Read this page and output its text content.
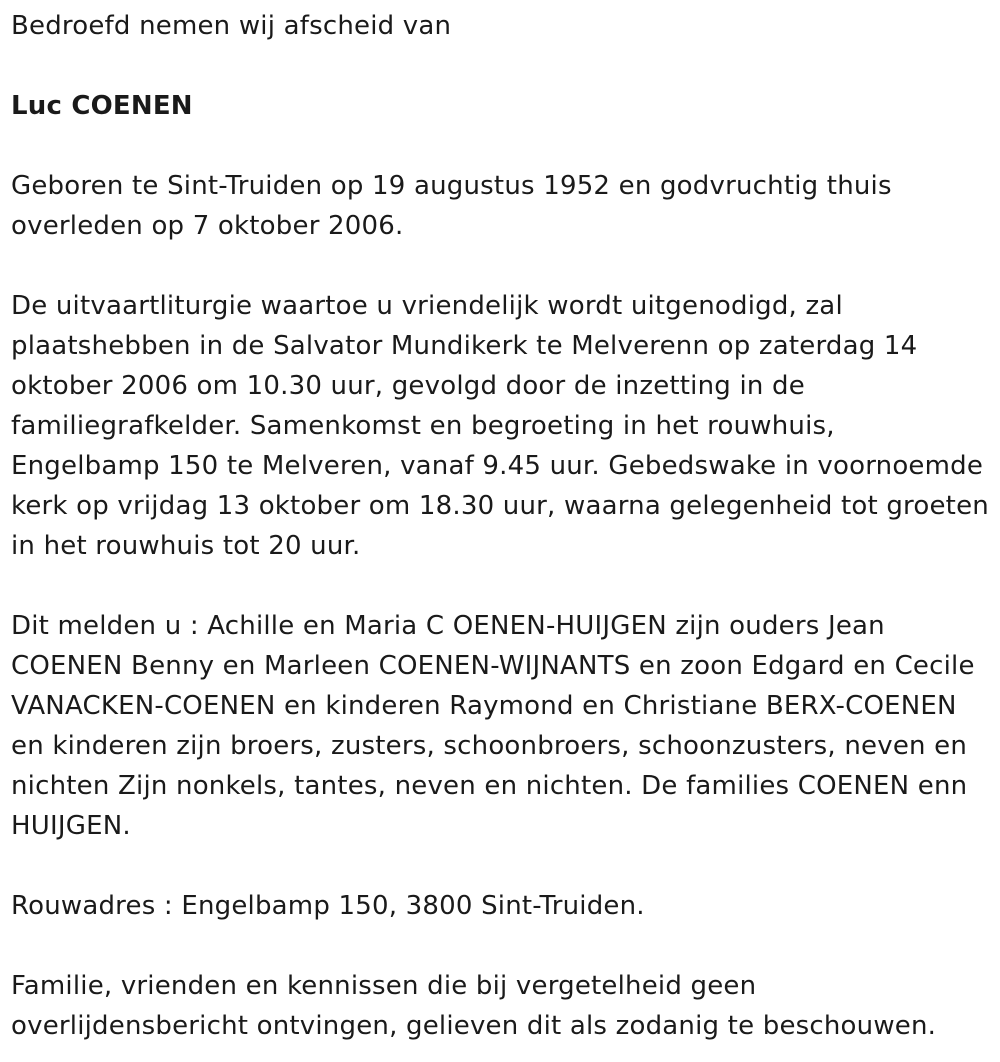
Bedroefd nemen wij afscheid van

Luc COENEN

Geboren te Sint-Truiden op 19 augustus 1952 en godvruchtig thuis overleden op 7 oktober 2006.

De uitvaartliturgie waartoe u vriendelijk wordt uitgenodigd, zal plaatshebben in de Salvator Mundikerk te Melverenn op zaterdag 14 oktober 2006 om 10.30 uur, gevolgd door de inzetting in de familiegrafkelder. Samenkomst en begroeting in het rouwhuis, Engelbamp 150 te Melveren, vanaf 9.45 uur. Gebedswake in voornoemde kerk op vrijdag 13 oktober om 18.30 uur, waarna gelegenheid tot groeten in het rouwhuis tot 20 uur.

Dit melden u : Achille en Maria C OENEN-HUIJGEN zijn ouders Jean COENEN Benny en Marleen COENEN-WIJNANTS en zoon Edgard en Cecile VANACKEN-COENEN en kinderen Raymond en Christiane BERX-COENEN en kinderen zijn broers, zusters, schoonbroers, schoonzusters, neven en nichten Zijn nonkels, tantes, neven en nichten. De families COENEN enn HUIJGEN.

Rouwadres : Engelbamp 150, 3800 Sint-Truiden.

Familie, vrienden en kennissen die bij vergetelheid geen overlijdensbericht ontvingen, gelieven dit als zodanig te beschouwen.
